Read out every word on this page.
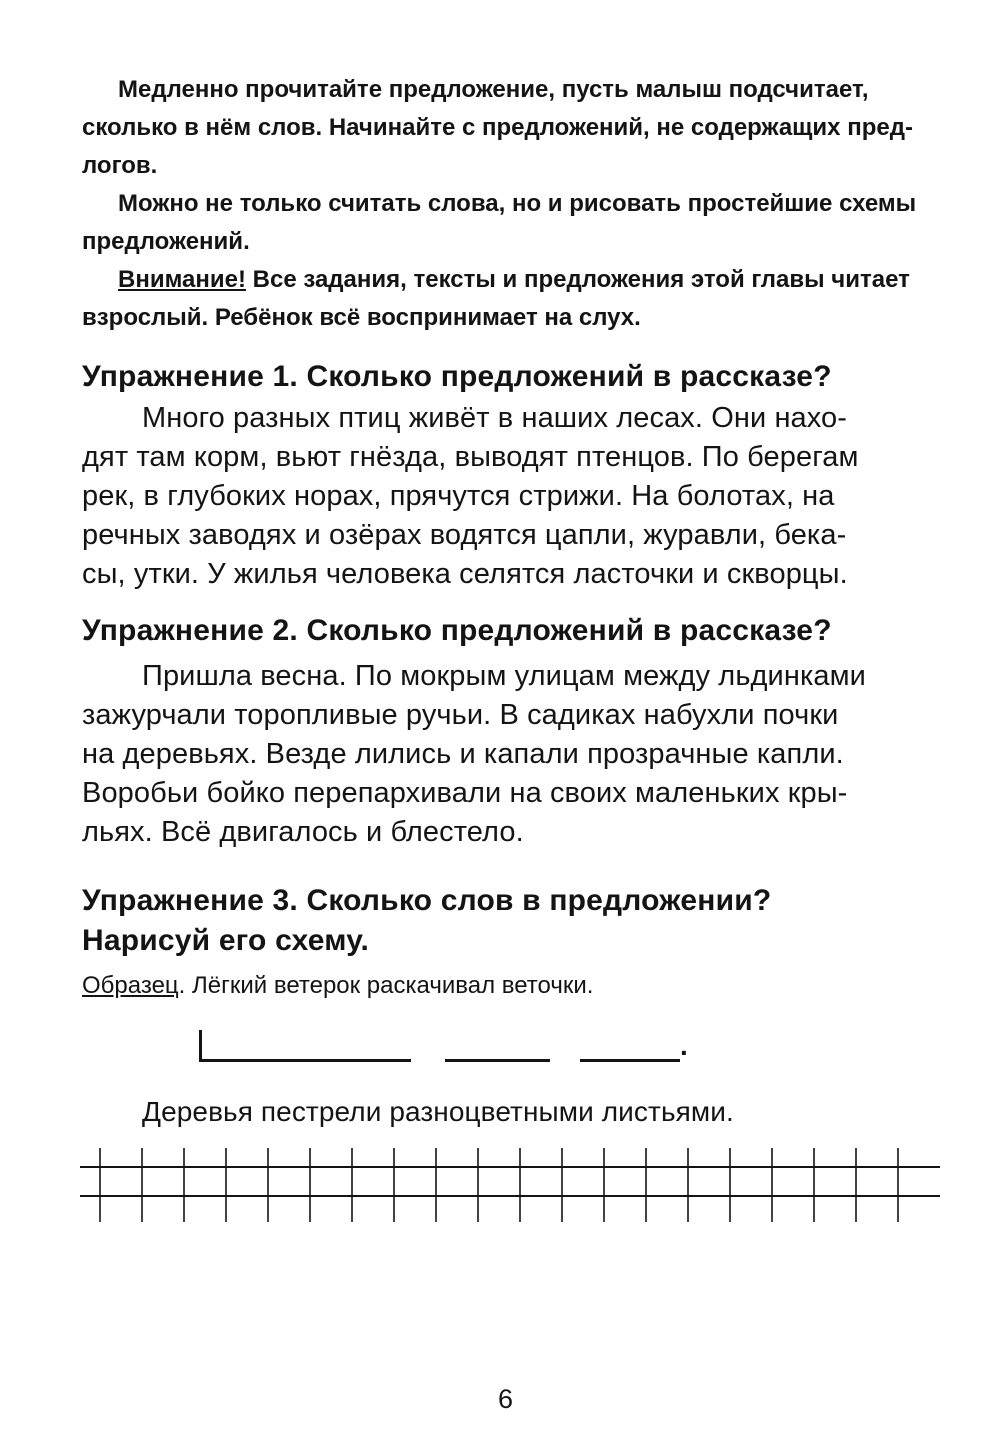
Медленно прочитайте предложение, пусть малыш подсчитает,
сколько в нём слов. Начинайте с предложений, не содержащих пред-
логов.
Можно не только считать слова, но и рисовать простейшие схемы
предложений.
Внимание! Все задания, тексты и предложения этой главы читает
взрослый. Ребёнок всё воспринимает на слух.
Упражнение 1. Сколько предложений в рассказе?
Много разных птиц живёт в наших лесах. Они нахо-
дят там корм, вьют гнёзда, выводят птенцов. По берегам
рек, в глубоких норах, прячутся стрижи. На болотах, на
речных заводях и озёрах водятся цапли, журавли, бека-
сы, утки. У жилья человека селятся ласточки и скворцы.
Упражнение 2. Сколько предложений в рассказе?
Пришла весна. По мокрым улицам между льдинками
зажурчали торопливые ручьи. В садиках набухли почки
на деревьях. Везде лились и капали прозрачные капли.
Воробьи бойко перепархивали на своих маленьких кры-
льях. Всё двигалось и блестело.
Упражнение 3. Сколько слов в предложении?
Нарисуй его схему.
Образец. Лёгкий ветерок раскачивал веточки.
.
Деревья пестрели разноцветными листьями.
6
